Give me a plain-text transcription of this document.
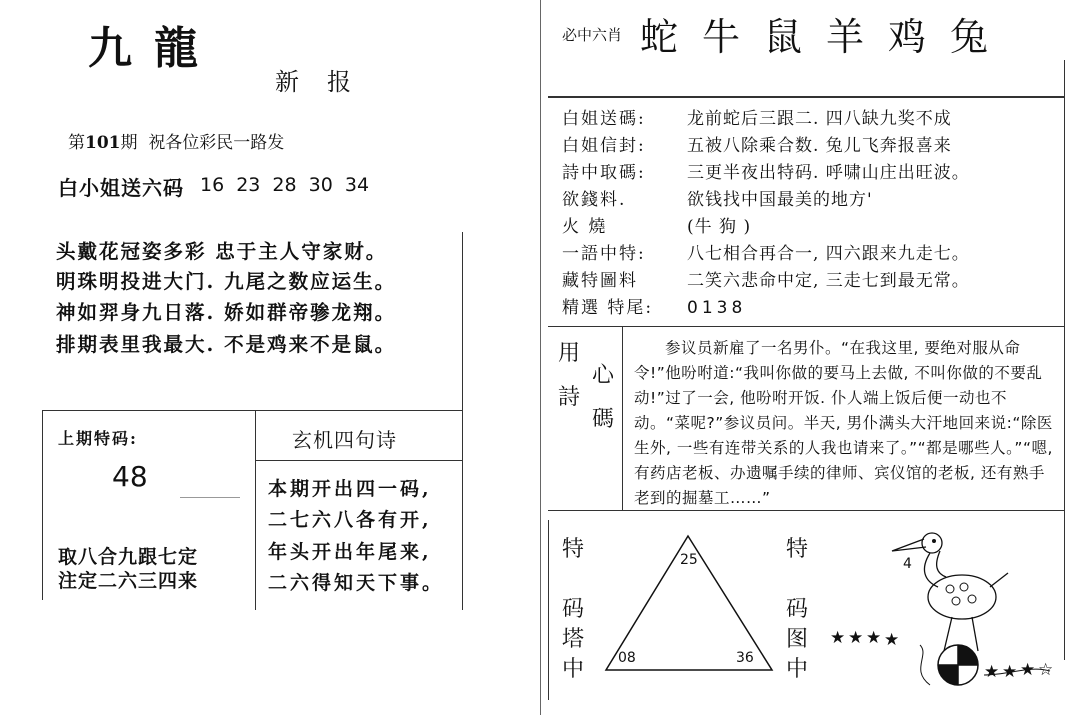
九龍
新报
第101期 祝各位彩民一路发
白小姐送六码 16 23 28 30 34
头戴花冠姿多彩 忠于主人守家财。
明珠明投进大门. 九尾之数应运生。
神如羿身九日落. 娇如群帝骖龙翔。
排期表里我最大. 不是鸡来不是鼠。
上期特码:
48
取八合九跟七定
注定二六三四来
玄机四句诗
本期开出四一码,
二七六八各有开,
年头开出年尾来,
二六得知天下事。
必中六肖 蛇牛鼠羊鸡兔
白姐送碼: 龙前蛇后三跟二. 四八缺九奖不成
白姐信封: 五被八除乘合数. 兔儿飞奔报喜来
詩中取碼: 三更半夜出特码. 呼啸山庄出旺波。
欲錢料.	欲钱找中国最美的地方'
火 燒	(牛 狗 )
一語中特: 八七相合再合一, 四六跟来九走七。
藏特圖料	二笑六悲命中定, 三走七到最无常。
精選 特尾: 0138
用
心
詩
碼
参议员新雇了一名男仆。“在我这里, 要绝对服从命令!”他吩咐道:“我叫你做的要马上去做, 不叫你做的不要乱动!”过了一会, 他吩咐开饭. 仆人端上饭后便一动也不动。“菜呢?”参议员问。半天, 男仆满头大汗地回来说:“除医生外, 一些有连带关系的人我也请来了。”“都是哪些人。”“嗯, 有药店老板、办遗嘱手续的律师、宾仪馆的老板, 还有熟手老到的掘墓工……”
特
码
塔
中
特
码
图
中
25
08	36
4
★ ★ ★ ★
★ ★ ★ ☆
